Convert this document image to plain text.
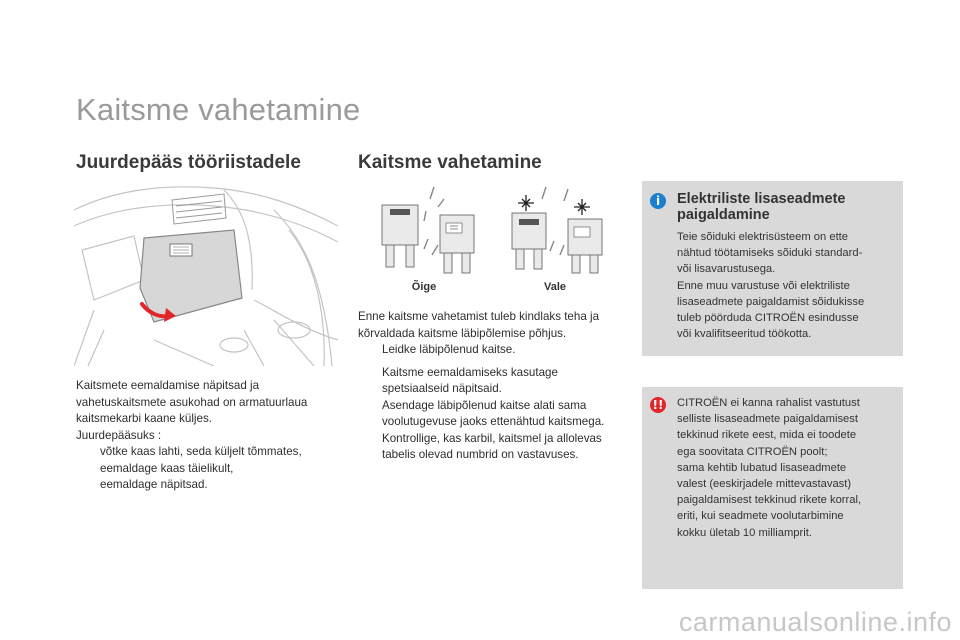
Kaitsme vahetamine
Juurdepääs tööriistadele

Kaitsmete eemaldamise näpitsad ja

vahetuskaitsmete asukohad on armatuurlaua

kaitsmekarbi kaane küljes.

Juurdepääsuks :

võtke kaas lahti, seda küljelt tõmmates,
eemaldage kaas täielikult,
eemaldage näpitsad.
Kaitsme vahetamine
Õige	Vale

Enne kaitsme vahetamist tuleb kindlaks teha ja

kõrvaldada kaitsme läbipõlemise põhjus.

Leidke läbipõlenud kaitse.
Kaitsme eemaldamiseks kasutage
spetsiaalseid näpitsaid.
Asendage läbipõlenud kaitse alati sama
voolutugevuse jaoks ettenähtud kaitsmega.
Kontrollige, kas karbil, kaitsmel ja allolevas
tabelis olevad numbrid on vastavuses.
i	Elektriliste lisaseadmete
paigaldamine
Teie sõiduki elektrisüsteem on ette
nähtud töötamiseks sõiduki standard-
või lisavarustusega.
Enne muu varustuse või elektriliste
lisaseadmete paigaldamist sõidukisse
tuleb pöörduda CITROËN esindusse
või kvalifitseeritud töökotta.
!! CITROËN ei kanna rahalist vastutust
selliste lisaseadmete paigaldamisest
tekkinud rikete eest, mida ei toodete
ega soovitata CITROËN poolt;
sama kehtib lubatud lisaseadmete
valest (eeskirjadele mittevastavast)
paigaldamisest tekkinud rikete korral,
eriti, kui seadmete voolutarbimine
kokku ületab 10 milliamprit.
carmanualsonline.info
